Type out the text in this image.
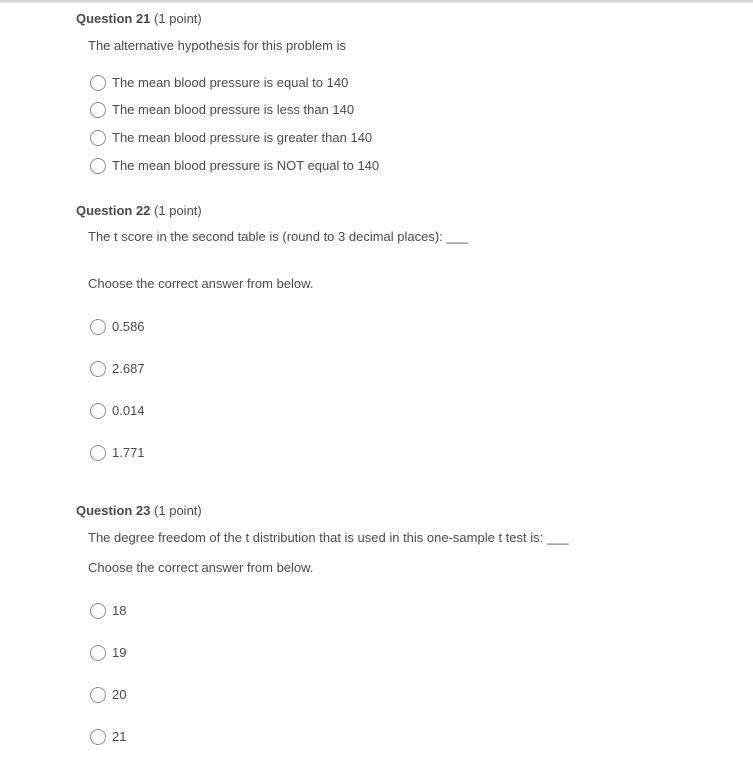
Question 21 (1 point)
The alternative hypothesis for this problem is
The mean blood pressure is equal to 140
The mean blood pressure is less than 140
The mean blood pressure is greater than 140
The mean blood pressure is NOT equal to 140
Question 22 (1 point)
The t score in the second table is (round to 3 decimal places): ___
Choose the correct answer from below.
0.586
2.687
0.014
1.771
Question 23 (1 point)
The degree freedom of the t distribution that is used in this one-sample t test is: ___
Choose the correct answer from below.
18
19
20
21
